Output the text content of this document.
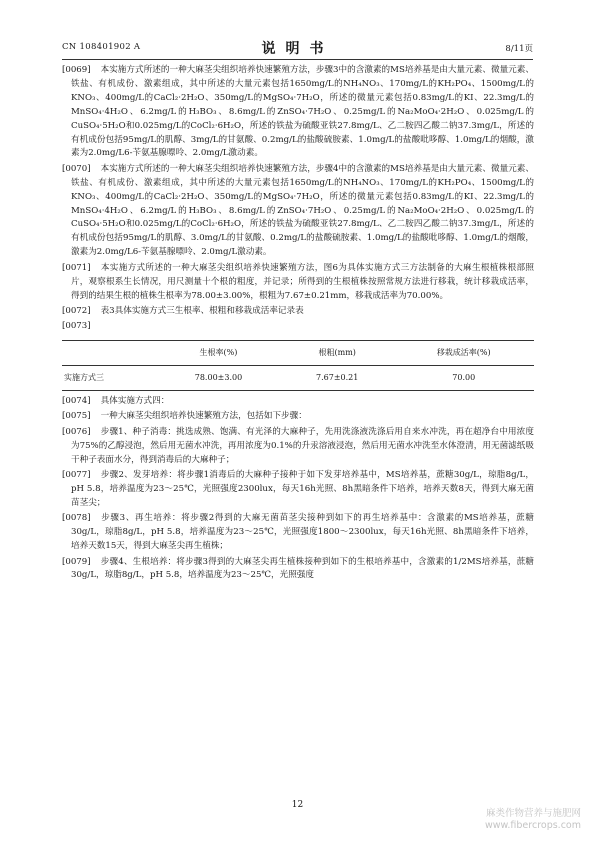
CN 108401902 A	说明书	8/11页

[0069] 本实施方式所述的一种大麻茎尖组织培养快速繁殖方法，步骤3中的含激素的MS培养基是由大量元素、微量元素、铁盐、有机成份、激素组成，其中所述的大量元素包括1650mg/L的NH₄NO₃、170mg/L的KH₂PO₄、1500mg/L的KNO₃、400mg/L的CaCl₂·2H₂O、350mg/L的MgSO₄·7H₂O，所述的微量元素包括0.83mg/L的KI、22.3mg/L的MnSO₄·4H₂O、6.2mg/L的H₃BO₃、8.6mg/L的ZnSO₄·7H₂O、0.25mg/L的Na₂MoO₄·2H₂O、0.025mg/L的CuSO₄·5H₂O和0.025mg/L的CoCl₂·6H₂O，所述的铁盐为硫酸亚铁27.8mg/L、乙二胺四乙酸二钠37.3mg/L，所述的有机成份包括95mg/L的肌醇、3mg/L的甘氨酸、0.2mg/L的盐酸硫胺素、1.0mg/L的盐酸吡哆醇、1.0mg/L的烟酸，激素为2.0mg/L6-苄氨基腺嘌呤、2.0mg/L激动素。

[0070] 本实施方式所述的一种大麻茎尖组织培养快速繁殖方法，步骤4中的含激素的MS培养基是由大量元素、微量元素、铁盐、有机成份、激素组成，其中所述的大量元素包括1650mg/L的NH₄NO₃、170mg/L的KH₂PO₄、1500mg/L的KNO₃、400mg/L的CaCl₂·2H₂O、350mg/L的MgSO₄·7H₂O，所述的微量元素包括0.83mg/L的KI、22.3mg/L的MnSO₄·4H₂O、6.2mg/L的H₃BO₃、8.6mg/L的ZnSO₄·7H₂O、0.25mg/L的Na₂MoO₄·2H₂O、0.025mg/L的CuSO₄·5H₂O和0.025mg/L的CoCl₂·6H₂O，所述的铁盐为硫酸亚铁27.8mg/L、乙二胺四乙酸二钠37.3mg/L，所述的有机成份包括95mg/L的肌醇、3.0mg/L的甘氨酸、0.2mg/L的盐酸硫胺素、1.0mg/L的盐酸吡哆醇、1.0mg/L的烟酸，激素为2.0mg/L6-苄氨基腺嘌呤、2.0mg/L激动素。

[0071] 本实施方式所述的一种大麻茎尖组织培养快速繁殖方法，图6为具体实施方式三方法制备的大麻生根植株根部照片，观察根系生长情况，用尺测量十个根的粗度，并记录；所得到的生根植株按照常规方法进行移栽，统计移栽成活率，得到的结果生根的植株生根率为78.00±3.00%，根粗为7.67±0.21mm，移栽成活率为70.00%。

[0072] 表3具体实施方式三生根率、根粗和移栽成活率记录表

[0073]

	生根率(%)	根粗(mm)	移栽成活率(%)
实施方式三	78.00±3.00	7.67±0.21	70.00

[0074] 具体实施方式四：

[0075] 一种大麻茎尖组织培养快速繁殖方法，包括如下步骤：

[0076] 步骤1、种子消毒：挑选成熟、饱满、有光泽的大麻种子，先用洗涤液洗涤后用自来水冲洗，再在超净台中用浓度为75%的乙醇浸泡，然后用无菌水冲洗，再用浓度为0.1%的升汞溶液浸泡，然后用无菌水冲洗至水体澄清，用无菌滤纸吸干种子表面水分，得到消毒后的大麻种子；

[0077] 步骤2、发芽培养：将步骤1消毒后的大麻种子接种于如下发芽培养基中，MS培养基，蔗糖30g/L，琼脂8g/L，pH 5.8，培养温度为23～25℃，光照强度2300lux，每天16h光照、8h黑暗条件下培养，培养天数8天，得到大麻无菌苗茎尖；

[0078] 步骤3、再生培养：将步骤2得到的大麻无菌苗茎尖接种到如下的再生培养基中：含激素的MS培养基，蔗糖30g/L，琼脂8g/L，pH 5.8，培养温度为23～25℃，光照强度1800～2300lux，每天16h光照、8h黑暗条件下培养，培养天数15天，得到大麻茎尖再生植株；

[0079] 步骤4、生根培养：将步骤3得到的大麻茎尖再生植株接种到如下的生根培养基中，含激素的1/2MS培养基，蔗糖30g/L，琼脂8g/L，pH 5.8，培养温度为23～25℃，光照强度

12
麻类作物营养与施肥网
www.fibercrops.com
